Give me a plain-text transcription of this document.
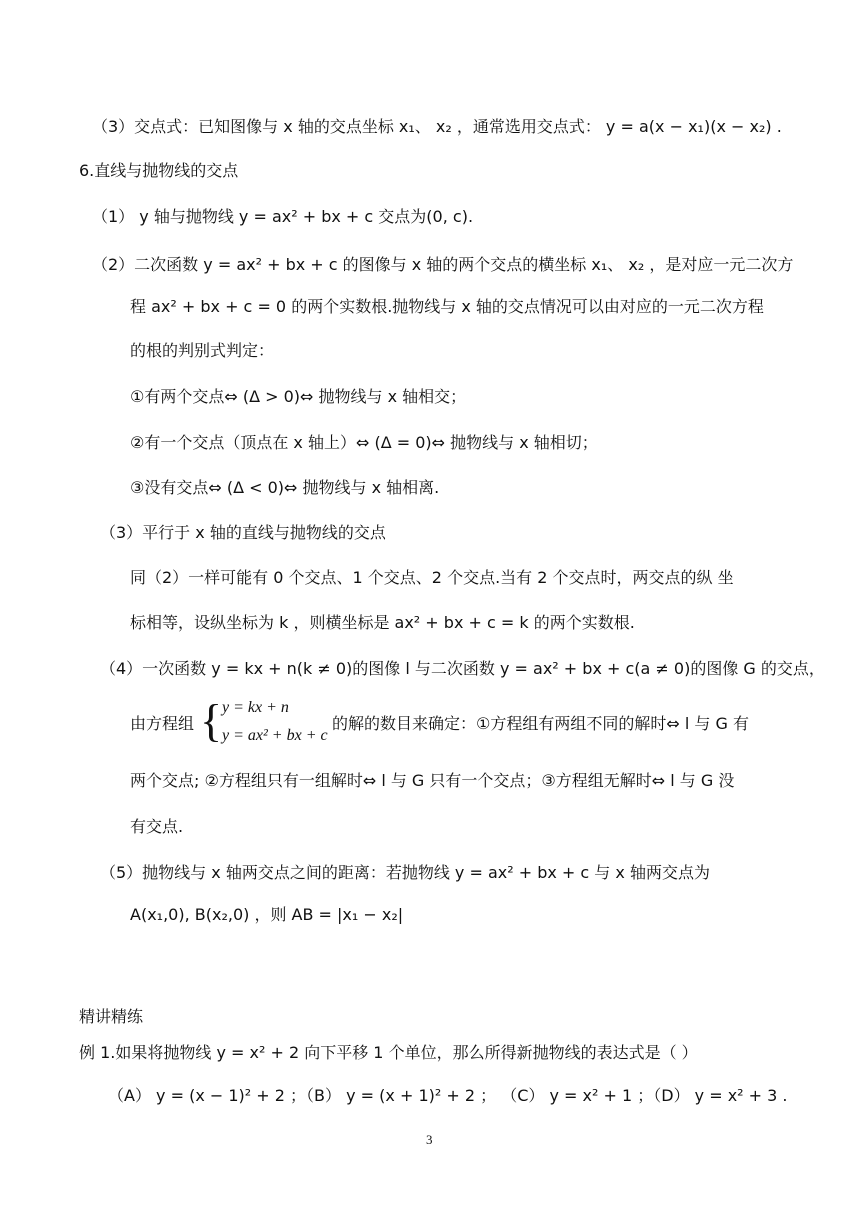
（3）交点式：已知图像与 x 轴的交点坐标 x₁、 x₂ ，通常选用交点式： y = a(x − x₁)(x − x₂) .
6.直线与抛物线的交点
（1） y 轴与抛物线 y = ax² + bx + c 交点为(0, c).
（2）二次函数 y = ax² + bx + c 的图像与 x 轴的两个交点的横坐标 x₁、 x₂ ，是对应一元二次方
程 ax² + bx + c = 0 的两个实数根.抛物线与 x 轴的交点情况可以由对应的一元二次方程
的根的判别式判定：
①有两个交点⇔ (Δ > 0)⇔ 抛物线与 x 轴相交；
②有一个交点（顶点在 x 轴上）⇔ (Δ = 0)⇔ 抛物线与 x 轴相切；
③没有交点⇔ (Δ < 0)⇔ 抛物线与 x 轴相离.
（3）平行于 x 轴的直线与抛物线的交点
同（2）一样可能有 0 个交点、1 个交点、2 个交点.当有 2 个交点时，两交点的纵 坐
标相等，设纵坐标为 k ，则横坐标是 ax² + bx + c = k 的两个实数根.
（4）一次函数 y = kx + n(k ≠ 0)的图像 l 与二次函数 y = ax² + bx + c(a ≠ 0)的图像 G 的交点，
由方程组 { y = kx + n
y = ax² + bx + c
的解的数目来确定：①方程组有两组不同的解时⇔ l 与 G 有
两个交点; ②方程组只有一组解时⇔ l 与 G 只有一个交点；③方程组无解时⇔ l 与 G 没
有交点.
（5）抛物线与 x 轴两交点之间的距离：若抛物线 y = ax² + bx + c 与 x 轴两交点为
A(x₁,0), B(x₂,0) ，则 AB = |x₁ − x₂|
精讲精练
例 1.如果将抛物线 y = x² + 2 向下平移 1 个单位，那么所得新抛物线的表达式是（ ）
（A） y = (x − 1)² + 2 ；（B） y = (x + 1)² + 2 ； （C） y = x² + 1 ；（D） y = x² + 3 .
3
